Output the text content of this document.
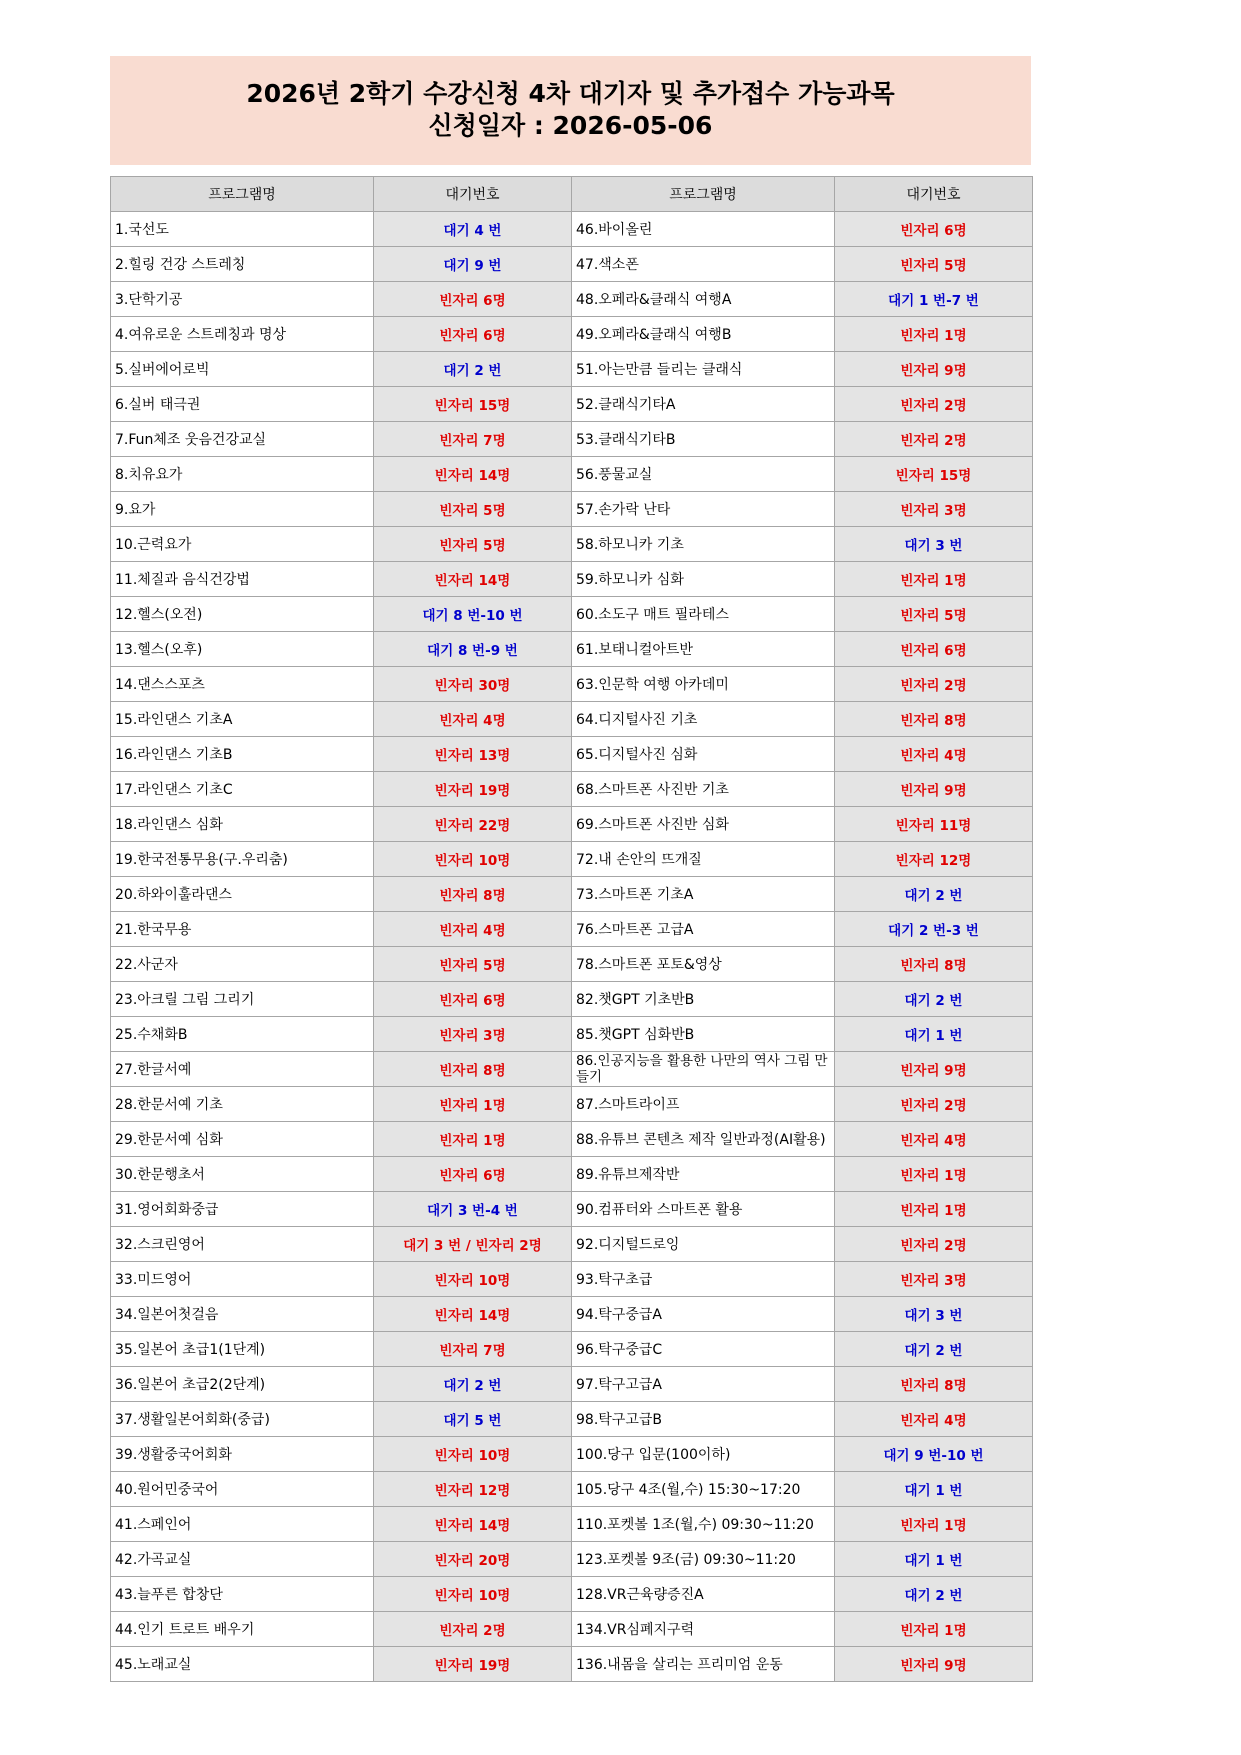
2026년 2학기 수강신청 4차 대기자 및 추가접수 가능과목
신청일자 : 2026-05-06
프로그램명	대기번호	프로그램명	대기번호
1.국선도	대기 4 번	46.바이올린	빈자리 6명
2.힐링 건강 스트레칭	대기 9 번	47.색소폰	빈자리 5명
3.단학기공	빈자리 6명	48.오페라&클래식 여행A	대기 1 번-7 번
4.여유로운 스트레칭과 명상	빈자리 6명	49.오페라&클래식 여행B	빈자리 1명
5.실버에어로빅	대기 2 번	51.아는만큼 들리는 클래식	빈자리 9명
6.실버 태극권	빈자리 15명	52.클래식기타A	빈자리 2명
7.Fun체조 웃음건강교실	빈자리 7명	53.클래식기타B	빈자리 2명
8.치유요가	빈자리 14명	56.풍물교실	빈자리 15명
9.요가	빈자리 5명	57.손가락 난타	빈자리 3명
10.근력요가	빈자리 5명	58.하모니카 기초	대기 3 번
11.체질과 음식건강법	빈자리 14명	59.하모니카 심화	빈자리 1명
12.헬스(오전)	대기 8 번-10 번	60.소도구 매트 필라테스	빈자리 5명
13.헬스(오후)	대기 8 번-9 번	61.보태니컬아트반	빈자리 6명
14.댄스스포츠	빈자리 30명	63.인문학 여행 아카데미	빈자리 2명
15.라인댄스 기초A	빈자리 4명	64.디지털사진 기초	빈자리 8명
16.라인댄스 기초B	빈자리 13명	65.디지털사진 심화	빈자리 4명
17.라인댄스 기초C	빈자리 19명	68.스마트폰 사진반 기초	빈자리 9명
18.라인댄스 심화	빈자리 22명	69.스마트폰 사진반 심화	빈자리 11명
19.한국전통무용(구.우리춤)	빈자리 10명	72.내 손안의 뜨개질	빈자리 12명
20.하와이훌라댄스	빈자리 8명	73.스마트폰 기초A	대기 2 번
21.한국무용	빈자리 4명	76.스마트폰 고급A	대기 2 번-3 번
22.사군자	빈자리 5명	78.스마트폰 포토&영상	빈자리 8명
23.아크릴 그림 그리기	빈자리 6명	82.챗GPT 기초반B	대기 2 번
25.수채화B	빈자리 3명	85.챗GPT 심화반B	대기 1 번
27.한글서예	빈자리 8명	86.인공지능을 활용한 나만의 역사 그림 만들기	빈자리 9명
28.한문서예 기초	빈자리 1명	87.스마트라이프	빈자리 2명
29.한문서예 심화	빈자리 1명	88.유튜브 콘텐츠 제작 일반과정(AI활용)	빈자리 4명
30.한문행초서	빈자리 6명	89.유튜브제작반	빈자리 1명
31.영어회화중급	대기 3 번-4 번	90.컴퓨터와 스마트폰 활용	빈자리 1명
32.스크린영어	대기 3 번 / 빈자리 2명	92.디지털드로잉	빈자리 2명
33.미드영어	빈자리 10명	93.탁구초급	빈자리 3명
34.일본어첫걸음	빈자리 14명	94.탁구중급A	대기 3 번
35.일본어 초급1(1단계)	빈자리 7명	96.탁구중급C	대기 2 번
36.일본어 초급2(2단계)	대기 2 번	97.탁구고급A	빈자리 8명
37.생활일본어회화(중급)	대기 5 번	98.탁구고급B	빈자리 4명
39.생활중국어회화	빈자리 10명	100.당구 입문(100이하)	대기 9 번-10 번
40.원어민중국어	빈자리 12명	105.당구 4조(월,수) 15:30~17:20	대기 1 번
41.스페인어	빈자리 14명	110.포켓볼 1조(월,수) 09:30~11:20	빈자리 1명
42.가곡교실	빈자리 20명	123.포켓볼 9조(금) 09:30~11:20	대기 1 번
43.늘푸른 합창단	빈자리 10명	128.VR근육량증진A	대기 2 번
44.인기 트로트 배우기	빈자리 2명	134.VR심폐지구력	빈자리 1명
45.노래교실	빈자리 19명	136.내몸을 살리는 프리미엄 운동	빈자리 9명
